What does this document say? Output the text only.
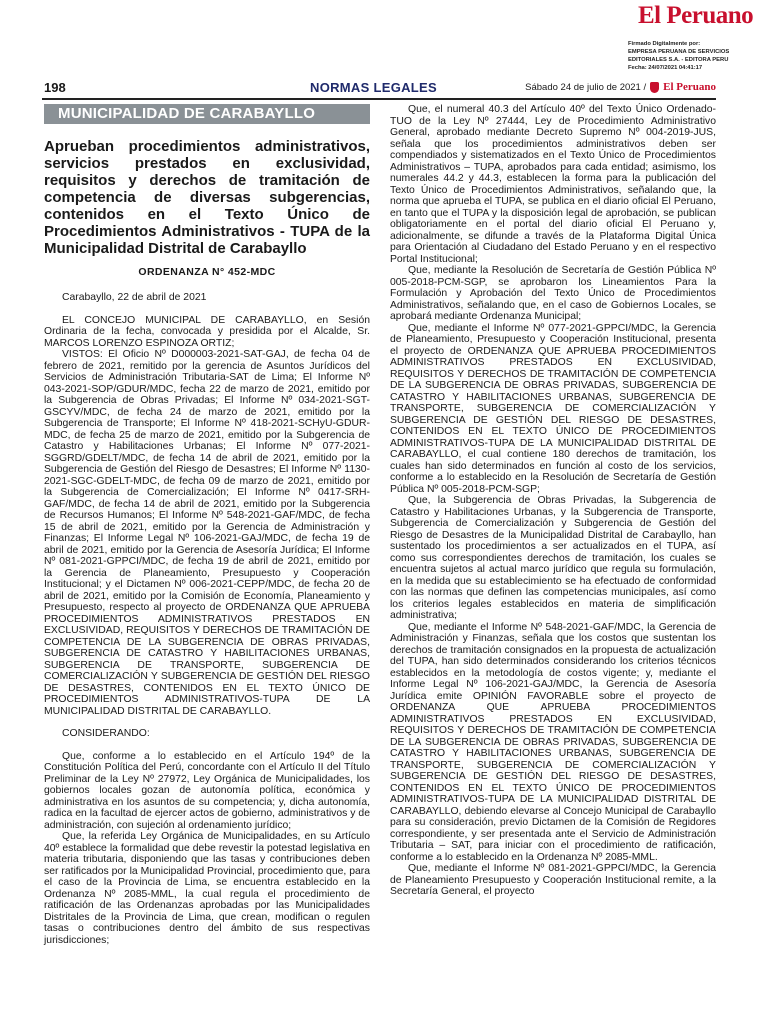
El Peruano
Firmado Digitalmente por:
EMPRESA PERUANA DE SERVICIOS
EDITORIALES S.A. - EDITORA PERU
Fecha: 24/07/2021 04:41:17
198	NORMAS LEGALES	Sábado 24 de julio de 2021 / El Peruano
MUNICIPALIDAD DE CARABAYLLO
Aprueban procedimientos administrativos, servicios prestados en exclusividad, requisitos y derechos de tramitación de competencia de diversas subgerencias, contenidos en el Texto Único de Procedimientos Administrativos - TUPA de la Municipalidad Distrital de Carabayllo
ORDENANZA N° 452-MDC

Carabayllo, 22 de abril de 2021

EL CONCEJO MUNICIPAL DE CARABAYLLO, en Sesión Ordinaria de la fecha, convocada y presidida por el Alcalde, Sr. MARCOS LORENZO ESPINOZA ORTIZ;

VISTOS: El Oficio Nº D000003-2021-SAT-GAJ, de fecha 04 de febrero de 2021, remitido por la gerencia de Asuntos Jurídicos del Servicios de Administración Tributaria-SAT de Lima; El Informe Nº 043-2021-SOP/GDUR/MDC, fecha 22 de marzo de 2021, emitido por la Subgerencia de Obras Privadas; El Informe Nº 034-2021-SGT-GSCYV/MDC, de fecha 24 de marzo de 2021, emitido por la Subgerencia de Transporte; El Informe Nº 418-2021-SCHyU-GDUR-MDC, de fecha 25 de marzo de 2021, emitido por la Subgerencia de Catastro y Habilitaciones Urbanas; El Informe Nº 077-2021-SGGRD/GDELT/MDC, de fecha 14 de abril de 2021, emitido por la Subgerencia de Gestión del Riesgo de Desastres; El Informe Nº 1130-2021-SGC-GDELT-MDC, de fecha 09 de marzo de 2021, emitido por la Subgerencia de Comercialización; El Informe Nº 0417-SRH-GAF/MDC, de fecha 14 de abril de 2021, emitido por la Subgerencia de Recursos Humanos; El Informe Nº 548-2021-GAF/MDC, de fecha 15 de abril de 2021, emitido por la Gerencia de Administración y Finanzas; El Informe Legal Nº 106-2021-GAJ/MDC, de fecha 19 de abril de 2021, emitido por la Gerencia de Asesoría Jurídica; El Informe Nº 081-2021-GPPCI/MDC, de fecha 19 de abril de 2021, emitido por la Gerencia de Planeamiento, Presupuesto y Cooperación Institucional; y el Dictamen Nº 006-2021-CEPP/MDC, de fecha 20 de abril de 2021, emitido por la Comisión de Economía, Planeamiento y Presupuesto, respecto al proyecto de ORDENANZA QUE APRUEBA PROCEDIMIENTOS ADMINISTRATIVOS PRESTADOS EN EXCLUSIVIDAD, REQUISITOS Y DERECHOS DE TRAMITACIÓN DE COMPETENCIA DE LA SUBGERENCIA DE OBRAS PRIVADAS, SUBGERENCIA DE CATASTRO Y HABILITACIONES URBANAS, SUBGERENCIA DE TRANSPORTE, SUBGERENCIA DE COMERCIALIZACIÓN Y SUBGERENCIA DE GESTIÓN DEL RIESGO DE DESASTRES, CONTENIDOS EN EL TEXTO ÚNICO DE PROCEDIMIENTOS ADMINISTRATIVOS-TUPA DE LA MUNICIPALIDAD DISTRITAL DE CARABAYLLO.

CONSIDERANDO:

Que, conforme a lo establecido en el Artículo 194º de la Constitución Política del Perú, concordante con el Artículo II del Título Preliminar de la Ley Nº 27972, Ley Orgánica de Municipalidades, los gobiernos locales gozan de autonomía política, económica y administrativa en los asuntos de su competencia; y, dicha autonomía, radica en la facultad de ejercer actos de gobierno, administrativos y de administración, con sujeción al ordenamiento jurídico;

Que, la referida Ley Orgánica de Municipalidades, en su Artículo 40º establece la formalidad que debe revestir la potestad legislativa en materia tributaria, disponiendo que las tasas y contribuciones deben ser ratificados por la Municipalidad Provincial, procedimiento que, para el caso de la Provincia de Lima, se encuentra establecido en la Ordenanza Nº 2085-MML, la cual regula el procedimiento de ratificación de las Ordenanzas aprobadas por las Municipalidades Distritales de la Provincia de Lima, que crean, modifican o regulen tasas o contribuciones dentro del ámbito de sus respectivas jurisdicciones;

Que, el numeral 40.3 del Artículo 40º del Texto Único Ordenado-TUO de la Ley Nº 27444, Ley de Procedimiento Administrativo General, aprobado mediante Decreto Supremo Nº 004-2019-JUS, señala que los procedimientos administrativos deben ser compendiados y sistematizados en el Texto Único de Procedimientos Administrativos – TUPA, aprobados para cada entidad; asimismo, los numerales 44.2 y 44.3, establecen la forma para la publicación del Texto Único de Procedimientos Administrativos, señalando que, la norma que aprueba el TUPA, se publica en el diario oficial El Peruano, en tanto que el TUPA y la disposición legal de aprobación, se publican obligatoriamente en el portal del diario oficial El Peruano y, adicionalmente, se difunde a través de la Plataforma Digital Única para Orientación al Ciudadano del Estado Peruano y en el respectivo Portal Institucional;

Que, mediante la Resolución de Secretaría de Gestión Pública Nº 005-2018-PCM-SGP, se aprobaron los Lineamientos Para la Formulación y Aprobación del Texto Único de Procedimientos Administrativos, señalando que, en el caso de Gobiernos Locales, se aprobará mediante Ordenanza Municipal;

Que, mediante el Informe Nº 077-2021-GPPCI/MDC, la Gerencia de Planeamiento, Presupuesto y Cooperación Institucional, presenta el proyecto de ORDENANZA QUE APRUEBA PROCEDIMIENTOS ADMINISTRATIVOS PRESTADOS EN EXCLUSIVIDAD, REQUISITOS Y DERECHOS DE TRAMITACIÓN DE COMPETENCIA DE LA SUBGERENCIA DE OBRAS PRIVADAS, SUBGERENCIA DE CATASTRO Y HABILITACIONES URBANAS, SUBGERENCIA DE TRANSPORTE, SUBGERENCIA DE COMERCIALIZACIÓN Y SUBGERENCIA DE GESTIÓN DEL RIESGO DE DESASTRES, CONTENIDOS EN EL TEXTO ÚNICO DE PROCEDIMIENTOS ADMINISTRATIVOS-TUPA DE LA MUNICIPALIDAD DISTRITAL DE CARABAYLLO, el cual contiene 180 derechos de tramitación, los cuales han sido determinados en función al costo de los servicios, conforme a lo establecido en la Resolución de Secretaría de Gestión Pública Nº 005-2018-PCM-SGP;

Que, la Subgerencia de Obras Privadas, la Subgerencia de Catastro y Habilitaciones Urbanas, y la Subgerencia de Transporte, Subgerencia de Comercialización y Subgerencia de Gestión del Riesgo de Desastres de la Municipalidad Distrital de Carabayllo, han sustentado los procedimientos a ser actualizados en el TUPA, así como sus correspondientes derechos de tramitación, los cuales se encuentra sujetos al actual marco jurídico que regula su formulación, en la medida que su establecimiento se ha efectuado de conformidad con las normas que definen las competencias municipales, así como los criterios legales establecidos en materia de simplificación administrativa;

Que, mediante el Informe Nº 548-2021-GAF/MDC, la Gerencia de Administración y Finanzas, señala que los costos que sustentan los derechos de tramitación consignados en la propuesta de actualización del TUPA, han sido determinados considerando los criterios técnicos establecidos en la metodología de costos vigente; y, mediante el Informe Legal Nº 106-2021-GAJ/MDC, la Gerencia de Asesoría Jurídica emite OPINIÓN FAVORABLE sobre el proyecto de ORDENANZA QUE APRUEBA PROCEDIMIENTOS ADMINISTRATIVOS PRESTADOS EN EXCLUSIVIDAD, REQUISITOS Y DERECHOS DE TRAMITACIÓN DE COMPETENCIA DE LA SUBGERENCIA DE OBRAS PRIVADAS, SUBGERENCIA DE CATASTRO Y HABILITACIONES URBANAS, SUBGERENCIA DE TRANSPORTE, SUBGERENCIA DE COMERCIALIZACIÓN Y SUBGERENCIA DE GESTIÓN DEL RIESGO DE DESASTRES, CONTENIDOS EN EL TEXTO ÚNICO DE PROCEDIMIENTOS ADMINISTRATIVOS-TUPA DE LA MUNICIPALIDAD DISTRITAL DE CARABAYLLO, debiendo elevarse al Concejo Municipal de Carabayllo para su consideración, previo Dictamen de la Comisión de Regidores correspondiente, y ser presentada ante el Servicio de Administración Tributaria – SAT, para iniciar con el procedimiento de ratificación, conforme a lo establecido en la Ordenanza Nº 2085-MML.

Que, mediante el Informe Nº 081-2021-GPPCI/MDC, la Gerencia de Planeamiento Presupuesto y Cooperación Institucional remite, a la Secretaría General, el proyecto
